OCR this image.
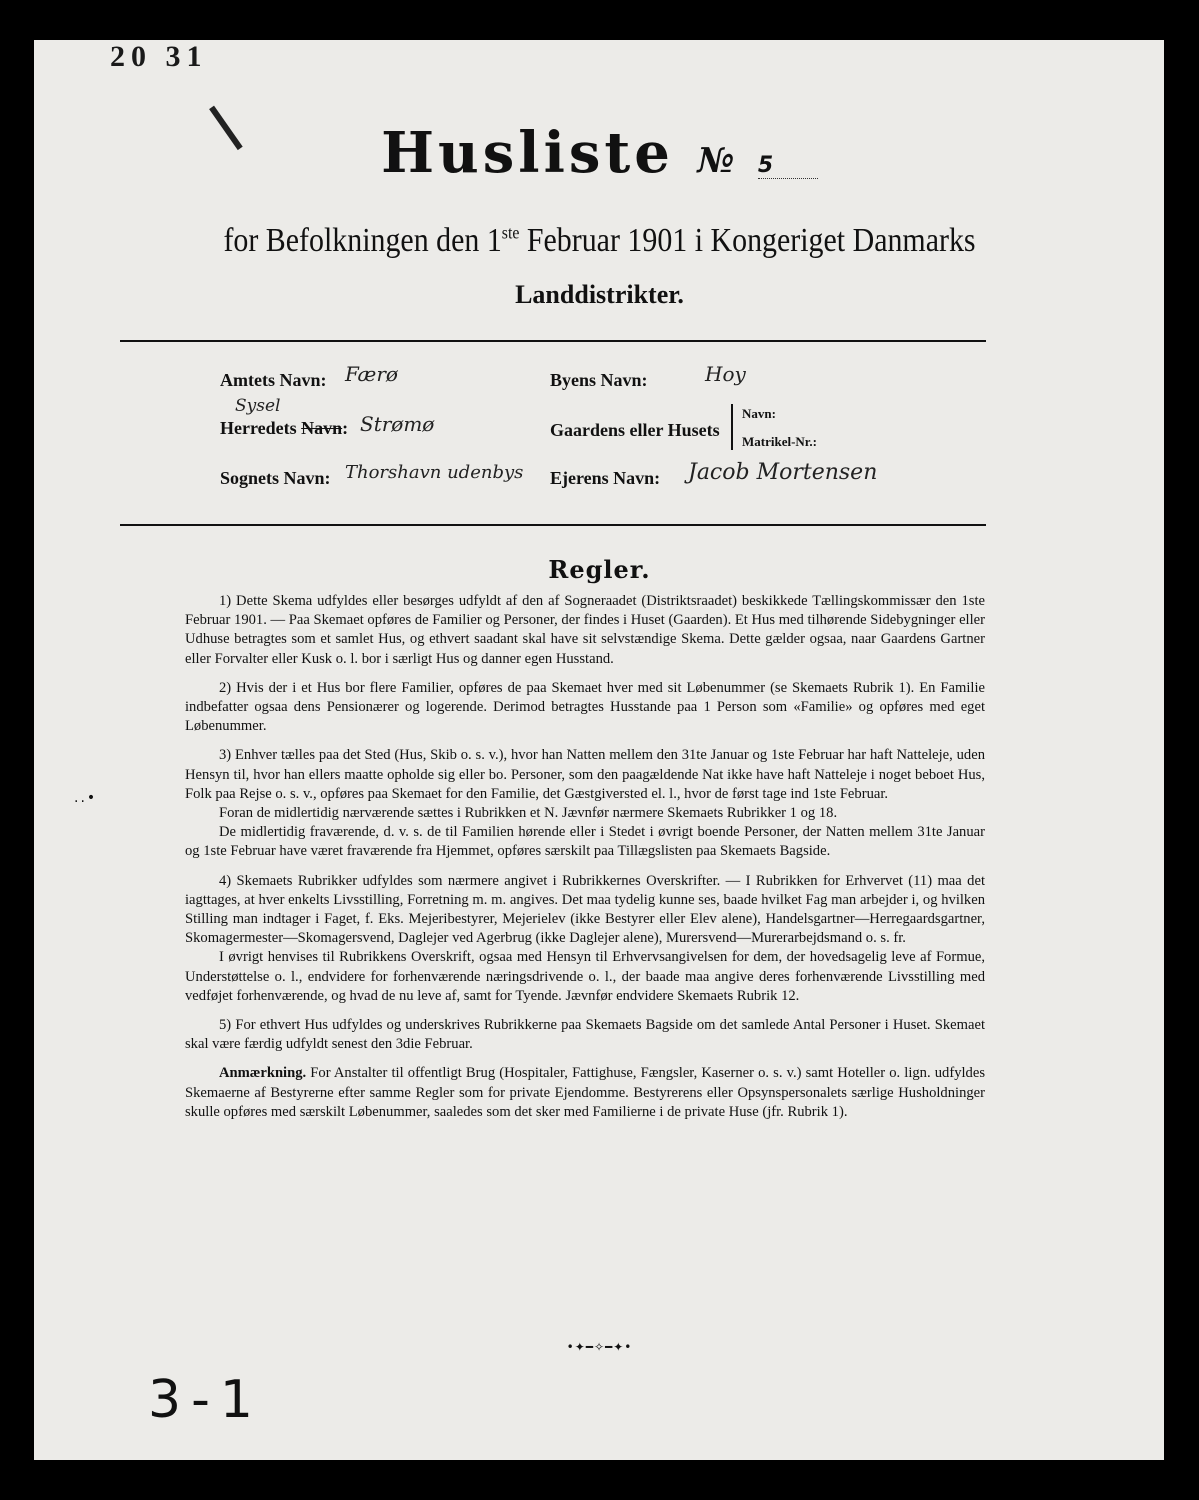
20 31
Husliste № 5
for Befolkningen den 1ste Februar 1901 i Kongeriget Danmarks
Landdistrikter.
Amtets Navn: Færø	Byens Navn:	Hoy
Sysel
Herredets Navn: Strømø	Gaardens eller Husets
Navn:
Matrikel-Nr.:
Sognets Navn: Thorshavn udenbys Ejerens Navn: Jacob Mortensen
Regler.
..•

1) Dette Skema udfyldes eller besørges udfyldt af den af Sogneraadet (Distriktsraadet) beskikkede Tællingskommissær den 1ste Februar 1901. — Paa Skemaet opføres de Familier og Personer, der findes i Huset (Gaarden). Et Hus med tilhørende Sidebygninger eller Udhuse betragtes som et samlet Hus, og ethvert saadant skal have sit selvstændige Skema. Dette gælder ogsaa, naar Gaardens Gartner eller Forvalter eller Kusk o. l. bor i særligt Hus og danner egen Husstand.

2) Hvis der i et Hus bor flere Familier, opføres de paa Skemaet hver med sit Løbenummer (se Skemaets Rubrik 1). En Familie indbefatter ogsaa dens Pensionærer og logerende. Derimod betragtes Husstande paa 1 Person som «Familie» og opføres med eget Løbenummer.

3) Enhver tælles paa det Sted (Hus, Skib o. s. v.), hvor han Natten mellem den 31te Januar og 1ste Februar har haft Natteleje, uden Hensyn til, hvor han ellers maatte opholde sig eller bo. Personer, som den paagældende Nat ikke have haft Natteleje i noget beboet Hus, Folk paa Rejse o. s. v., opføres paa Skemaet for den Familie, det Gæstgiversted el. l., hvor de først tage ind 1ste Februar.

Foran de midlertidig nærværende sættes i Rubrikken et N. Jævnfør nærmere Skemaets Rubrikker 1 og 18.

De midlertidig fraværende, d. v. s. de til Familien hørende eller i Stedet i øvrigt boende Personer, der Natten mellem 31te Januar og 1ste Februar have været fraværende fra Hjemmet, opføres særskilt paa Tillægslisten paa Skemaets Bagside.

4) Skemaets Rubrikker udfyldes som nærmere angivet i Rubrikkernes Overskrifter. — I Rubrikken for Erhvervet (11) maa det iagttages, at hver enkelts Livsstilling, Forretning m. m. angives. Det maa tydelig kunne ses, baade hvilket Fag man arbejder i, og hvilken Stilling man indtager i Faget, f. Eks. Mejeribestyrer, Mejerielev (ikke Bestyrer eller Elev alene), Handelsgartner—Herregaardsgartner, Skomagermester—Skomagersvend, Daglejer ved Agerbrug (ikke Daglejer alene), Murersvend—Murerarbejdsmand o. s. fr.

I øvrigt henvises til Rubrikkens Overskrift, ogsaa med Hensyn til Erhvervsangivelsen for dem, der hovedsagelig leve af Formue, Understøttelse o. l., endvidere for forhenværende næringsdrivende o. l., der baade maa angive deres forhenværende Livsstilling med vedføjet forhenværende, og hvad de nu leve af, samt for Tyende. Jævnfør endvidere Skemaets Rubrik 12.

5) For ethvert Hus udfyldes og underskrives Rubrikkerne paa Skemaets Bagside om det samlede Antal Personer i Huset. Skemaet skal være færdig udfyldt senest den 3die Februar.

Anmærkning. For Anstalter til offentligt Brug (Hospitaler, Fattighuse, Fængsler, Kaserner o. s. v.) samt Hoteller o. lign. udfyldes Skemaerne af Bestyrerne efter samme Regler som for private Ejendomme. Bestyrerens eller Opsynspersonalets særlige Husholdninger skulle opføres med særskilt Løbenummer, saaledes som det sker med Familierne i de private Huse (jfr. Rubrik 1).

•✦━✧━✦•
3-1
